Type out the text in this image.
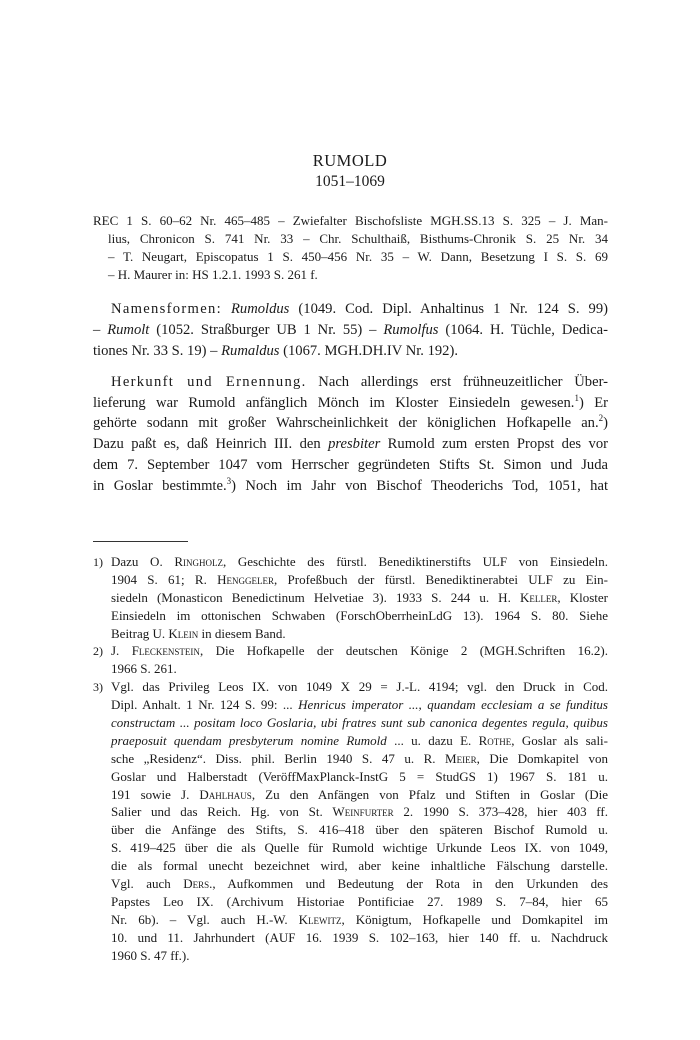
RUMOLD
1051–1069
REC 1 S. 60–62 Nr. 465–485 – Zwiefalter Bischofsliste MGH.SS.13 S. 325 – J. Man-
lius, Chronicon S. 741 Nr. 33 – Chr. Schulthaiß, Bisthums-Chronik S. 25 Nr. 34
– T. Neugart, Episcopatus 1 S. 450–456 Nr. 35 – W. Dann, Besetzung I S. S. 69
– H. Maurer in: HS 1.2.1. 1993 S. 261 f.
Namensformen: Rumoldus (1049. Cod. Dipl. Anhaltinus 1 Nr. 124 S. 99)
– Rumolt (1052. Straßburger UB 1 Nr. 55) – Rumolfus (1064. H. Tüchle, Dedica-
tiones Nr. 33 S. 19) – Rumaldus (1067. MGH.DH.IV Nr. 192).
Herkunft und Ernennung. Nach allerdings erst frühneuzeitlicher Über-
lieferung war Rumold anfänglich Mönch im Kloster Einsiedeln gewesen.$^1$) Er
gehörte sodann mit großer Wahrscheinlichkeit der königlichen Hofkapelle an.$^2$)
Dazu paßt es, daß Heinrich III. den presbiter Rumold zum ersten Propst des vor
dem 7. September 1047 vom Herrscher gegründeten Stifts St. Simon und Juda
in Goslar bestimmte.$^3$) Noch im Jahr von Bischof Theoderichs Tod, 1051, hat
1) Dazu O. Ringholz, Geschichte des fürstl. Benediktinerstifts ULF von Einsiedeln.
1904 S. 61; R. Henggeler, Profeßbuch der fürstl. Benediktinerabtei ULF zu Ein-
siedeln (Monasticon Benedictinum Helvetiae 3). 1933 S. 244 u. H. Keller, Kloster
Einsiedeln im ottonischen Schwaben (ForschOberrheinLdG 13). 1964 S. 80. Siehe
Beitrag U. Klein in diesem Band.
2) J. Fleckenstein, Die Hofkapelle der deutschen Könige 2 (MGH.Schriften 16.2).
1966 S. 261.
3) Vgl. das Privileg Leos IX. von 1049 X 29 = J.-L. 4194; vgl. den Druck in Cod.
Dipl. Anhalt. 1 Nr. 124 S. 99: ... Henricus imperator ..., quandam ecclesiam a se funditus
constructam ... positam loco Goslaria, ubi fratres sunt sub canonica degentes regula, quibus
praeposuit quendam presbyterum nomine Rumold ... u. dazu E. Rothe, Goslar als sali-
sche „Residenz“. Diss. phil. Berlin 1940 S. 47 u. R. Meier, Die Domkapitel von
Goslar und Halberstadt (VeröffMaxPlanck-InstG 5 = StudGS 1) 1967 S. 181 u.
191 sowie J. Dahlhaus, Zu den Anfängen von Pfalz und Stiften in Goslar (Die
Salier und das Reich. Hg. von St. Weinfurter 2. 1990 S. 373–428, hier 403 ff.
über die Anfänge des Stifts, S. 416–418 über den späteren Bischof Rumold u.
S. 419–425 über die als Quelle für Rumold wichtige Urkunde Leos IX. von 1049,
die als formal unecht bezeichnet wird, aber keine inhaltliche Fälschung darstelle.
Vgl. auch Ders., Aufkommen und Bedeutung der Rota in den Urkunden des
Papstes Leo IX. (Archivum Historiae Pontificiae 27. 1989 S. 7–84, hier 65
Nr. 6b). – Vgl. auch H.-W. Klewitz, Königtum, Hofkapelle und Domkapitel im
10. und 11. Jahrhundert (AUF 16. 1939 S. 102–163, hier 140 ff. u. Nachdruck
1960 S. 47 ff.).
